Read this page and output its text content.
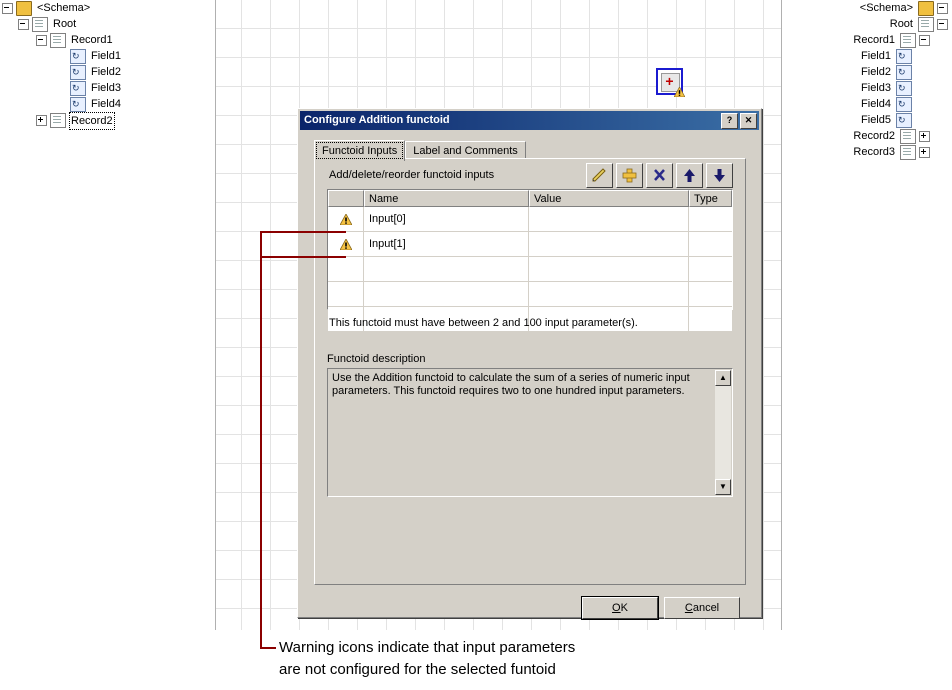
<Schema>
Root
Record1
↻Field1
↻Field2
↻Field3
↻Field4
Record2
+
<Schema>
Root
Record1
Field1↻
Field2↻
Field3↻
Field4↻
Field5↻
Record2
Record3
Configure Addition functoid	?	✕
Functoid Inputs Label and Comments
Add/delete/reorder functoid inputs
Name	Value	Type
Input[0]
Input[1]
This functoid must have between 2 and 100 input parameter(s).
Functoid description
Use the Addition functoid to calculate the sum of a series of numeric input parameters. This functoid requires two to one hundred input parameters.
▲
▼
OK	Cancel
Warning icons indicate that input parameters
are not configured for the selected funtoid
